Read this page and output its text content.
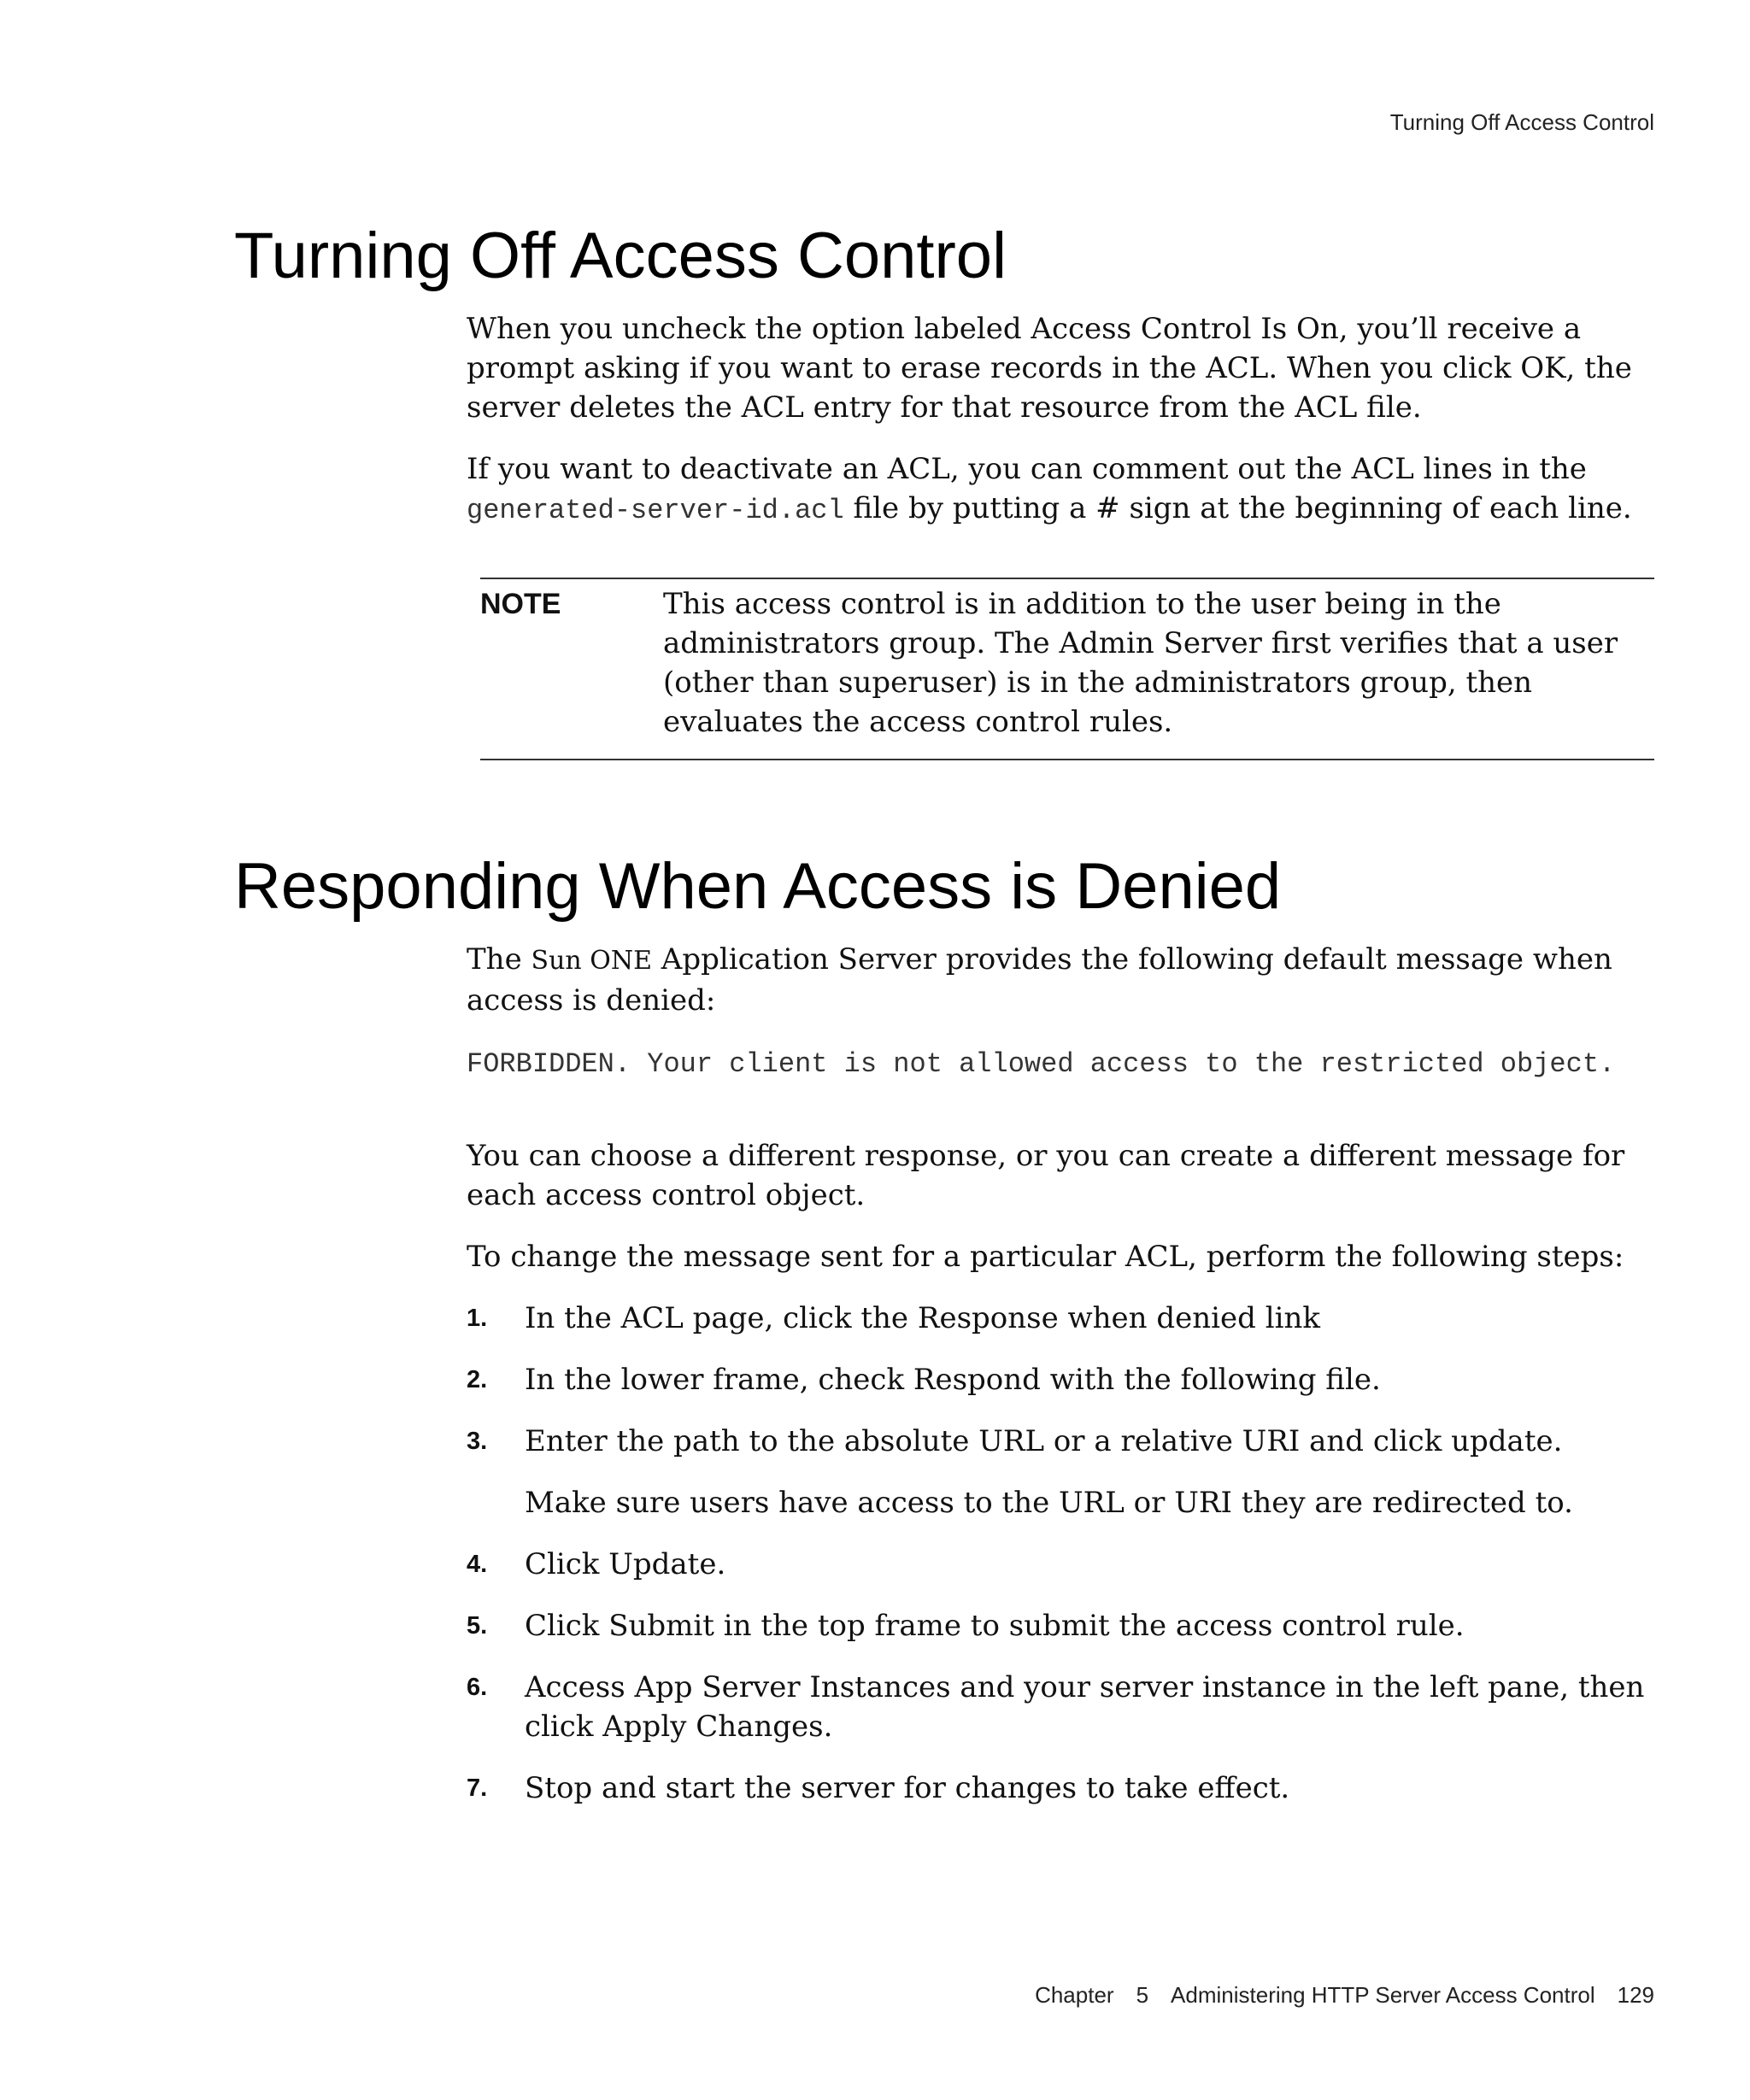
Turning Off Access Control
Turning Off Access Control

When you uncheck the option labeled Access Control Is On, you’ll receive a prompt asking if you want to erase records in the ACL. When you click OK, the server deletes the ACL entry for that resource from the ACL file.

If you want to deactivate an ACL, you can comment out the ACL lines in the
generated-server-id.acl file by putting a # sign at the beginning of each line.

NOTE	This access control is in addition to the user being in the administrators group. The Admin Server first verifies that a user (other than superuser) is in the administrators group, then evaluates the access control rules.
Responding When Access is Denied

The Sun ONE Application Server provides the following default message when access is denied:

FORBIDDEN. Your client is not allowed access to the restricted object.

You can choose a different response, or you can create a different message for each access control object.

To change the message sent for a particular ACL, perform the following steps:

1.	In the ACL page, click the Response when denied link
2.	In the lower frame, check Respond with the following file.
3.	Enter the path to the absolute URL or a relative URI and click update.
Make sure users have access to the URL or URI they are redirected to.
4.	Click Update.
5.	Click Submit in the top frame to submit the access control rule.
6.	Access App Server Instances and your server instance in the left pane, then click Apply Changes.
7.	Stop and start the server for changes to take effect.
Chapter 5 Administering HTTP Server Access Control 129
